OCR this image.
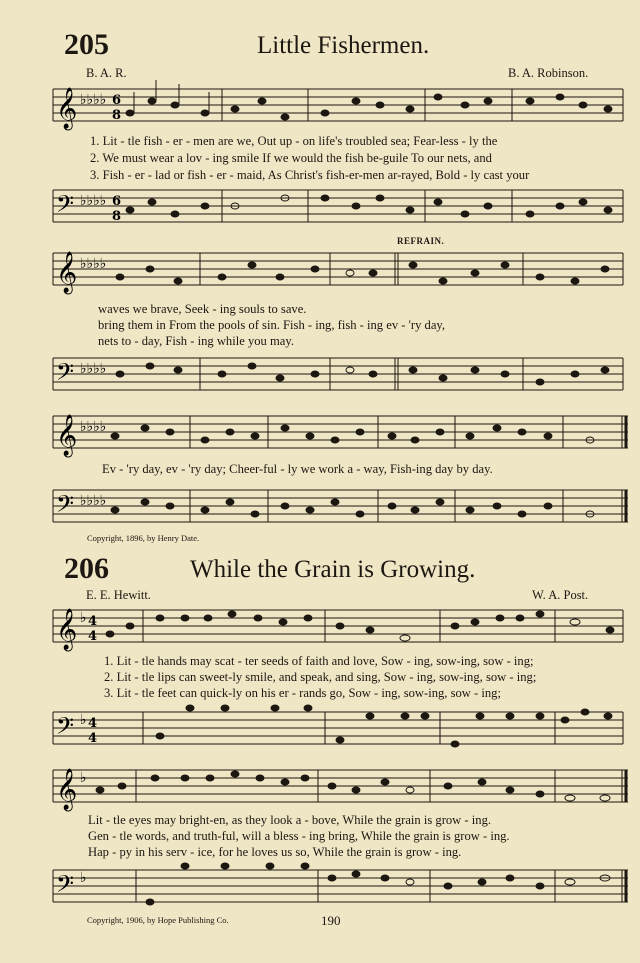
205	Little Fishermen.
B. A. R.	B. A. Robinson.
𝄞
𝄢
♭♭♭♭
♭♭♭♭
6
8
6
8
1. Lit - tle fish - er - men are we, Out up - on life's troubled sea; Fear-less - ly the
2. We must wear a lov - ing smile If we would the fish be-guile To our nets, and
3. Fish - er - lad or fish - er - maid, As Christ's fish-er-men ar-rayed, Bold - ly cast your
REFRAIN.
𝄞
𝄢
♭♭♭♭
♭♭♭♭
waves we brave, Seek - ing souls to save.
bring them in From the pools of sin. Fish - ing, fish - ing ev - 'ry day,
nets to - day, Fish - ing while you may.
𝄞
𝄢
♭♭♭♭
♭♭♭♭
Ev - 'ry day, ev - 'ry day; Cheer-ful - ly we work a - way, Fish-ing day by day.
Copyright, 1896, by Henry Date.
206	While the Grain is Growing.
E. E. Hewitt.	W. A. Post.
𝄞
𝄢
♭
♭
4
4
4
4
1. Lit - tle hands may scat - ter seeds of faith and love, Sow - ing, sow-ing, sow - ing;
2. Lit - tle lips can sweet-ly smile, and speak, and sing, Sow - ing, sow-ing, sow - ing;
3. Lit - tle feet can quick-ly on his er - rands go, Sow - ing, sow-ing, sow - ing;
𝄞
𝄢
♭
♭
Lit - tle eyes may bright-en, as they look a - bove, While the grain is grow - ing.
Gen - tle words, and truth-ful, will a bless - ing bring, While the grain is grow - ing.
Hap - py in his serv - ice, for he loves us so, While the grain is grow - ing.
Copyright, 1906, by Hope Publishing Co.	190
